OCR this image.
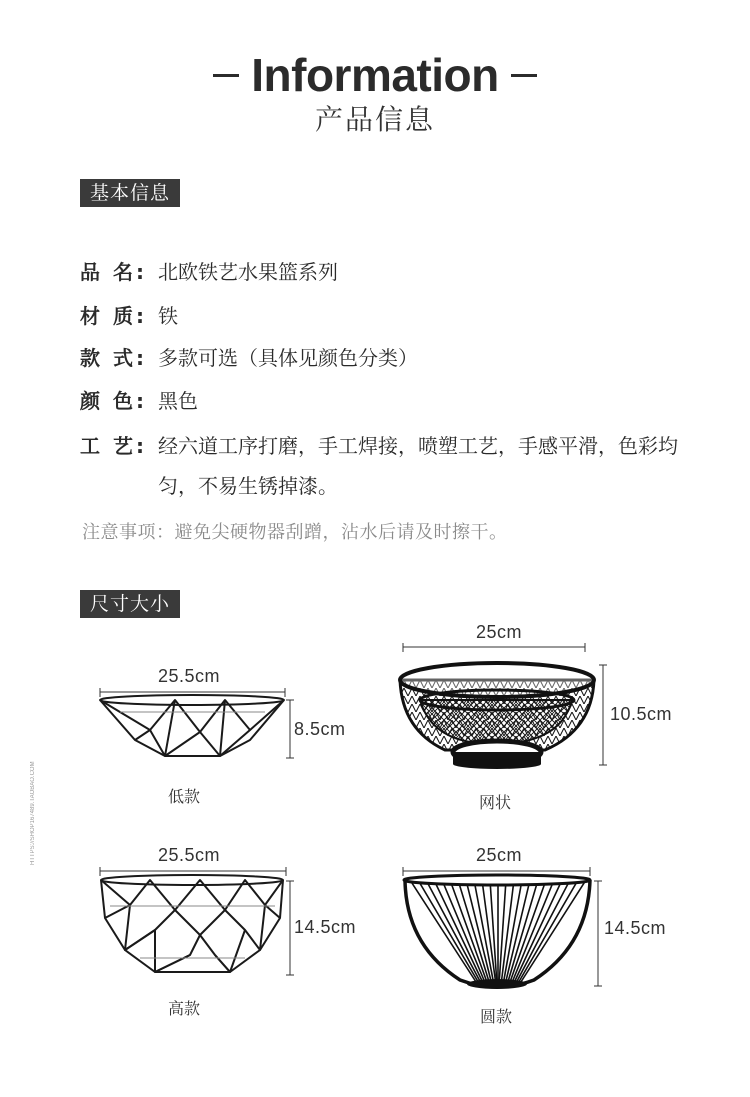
Information
产品信息
基本信息
品 名: 北欧铁艺水果篮系列
材 质: 铁
款 式: 多款可选（具体见颜色分类）
颜 色: 黑色
工 艺: 经六道工序打磨，手工焊接，喷塑工艺，手感平滑，色彩均匀，不易生锈掉漆。
注意事项：避免尖硬物器刮蹭，沾水后请及时擦干。
尺寸大小
HTTPS://SHOP167489.TAOBAO.COM
25.5cm
8.5cm
低款
25cm
10.5cm
网状
25.5cm
14.5cm
高款
25cm
14.5cm
圆款
